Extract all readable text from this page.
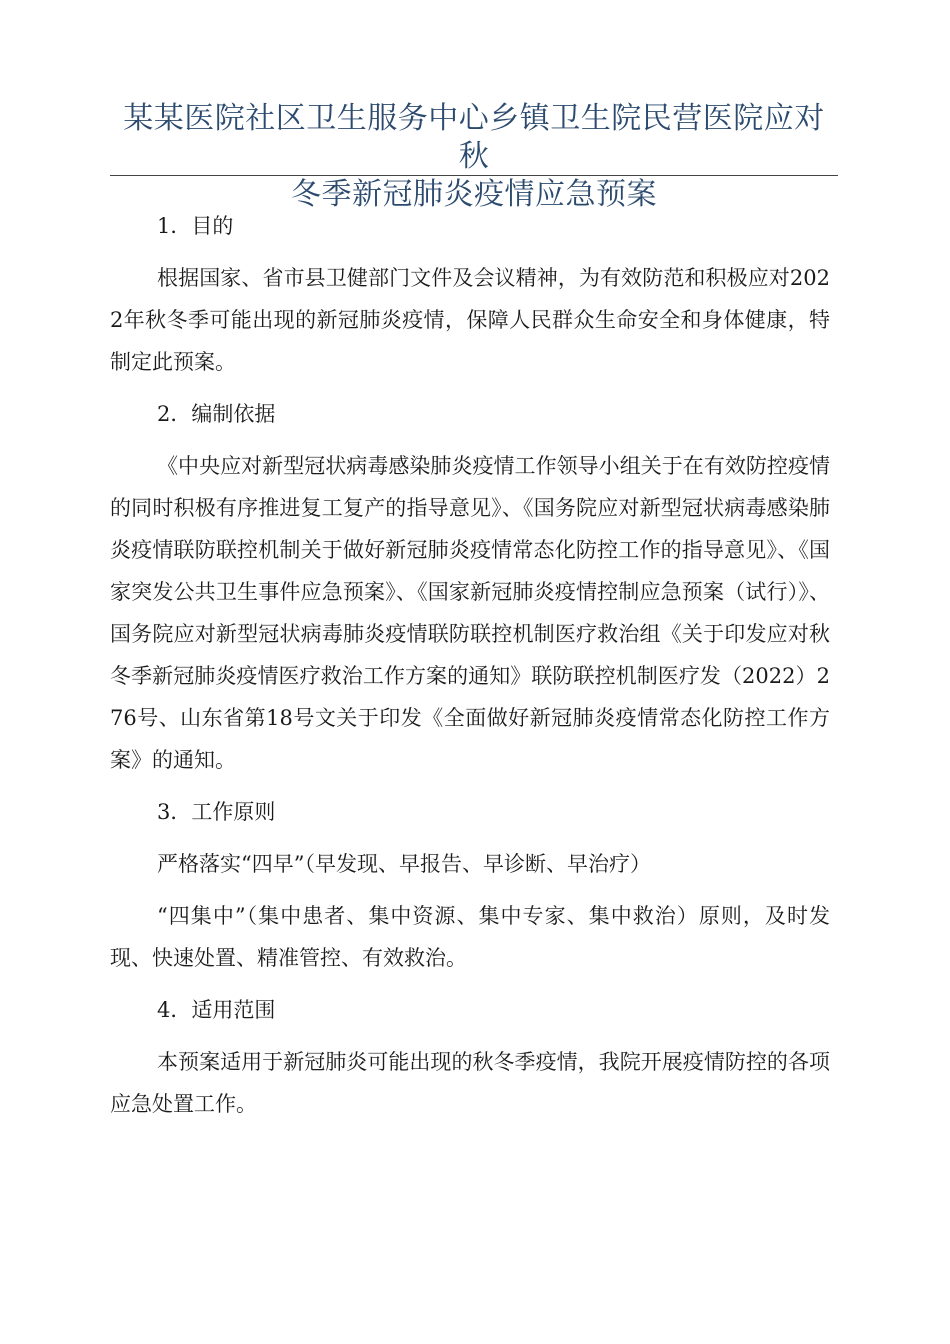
某某医院社区卫生服务中心乡镇卫生院民营医院应对秋
冬季新冠肺炎疫情应急预案

1．目的

根据国家、省市县卫健部门文件及会议精神，为有效防范和积极应对2022年秋冬季可能出现的新冠肺炎疫情，保障人民群众生命安全和身体健康，特制定此预案。

2．编制依据

《中央应对新型冠状病毒感染肺炎疫情工作领导小组关于在有效防控疫情的同时积极有序推进复工复产的指导意见》、《国务院应对新型冠状病毒感染肺炎疫情联防联控机制关于做好新冠肺炎疫情常态化防控工作的指导意见》、《国家突发公共卫生事件应急预案》、《国家新冠肺炎疫情控制应急预案（试行）》、国务院应对新型冠状病毒肺炎疫情联防联控机制医疗救治组《关于印发应对秋冬季新冠肺炎疫情医疗救治工作方案的通知》联防联控机制医疗发（2022）276号、山东省第18号文关于印发《全面做好新冠肺炎疫情常态化防控工作方案》的通知。

3．工作原则

严格落实“四早”（早发现、早报告、早诊断、早治疗）

“四集中”（集中患者、集中资源、集中专家、集中救治）原则，及时发现、快速处置、精准管控、有效救治。

4．适用范围

本预案适用于新冠肺炎可能出现的秋冬季疫情，我院开展疫情防控的各项应急处置工作。
